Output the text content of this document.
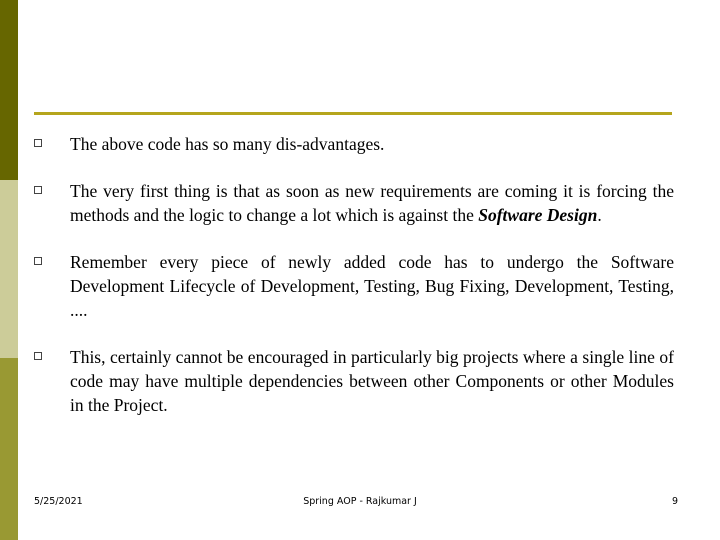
The above code has so many dis-advantages.
The very first thing is that as soon as new requirements are coming it is forcing the methods and the logic to change a lot which is against the Software Design.
Remember every piece of newly added code has to undergo the Software Development Lifecycle of Development, Testing, Bug Fixing, Development, Testing, ....
This, certainly cannot be encouraged in particularly big projects where a single line of code may have multiple dependencies between other Components or other Modules in the Project.
5/25/2021	Spring AOP - Rajkumar J	9
